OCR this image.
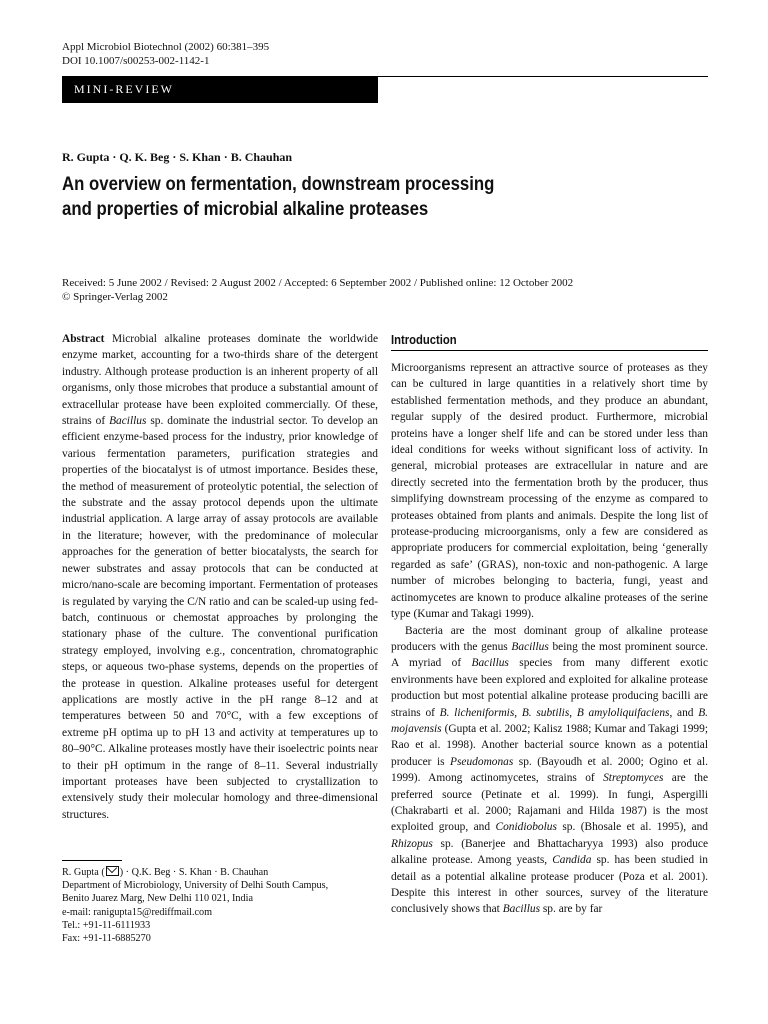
Appl Microbiol Biotechnol (2002) 60:381–395
DOI 10.1007/s00253-002-1142-1
MINI-REVIEW
R. Gupta · Q. K. Beg · S. Khan · B. Chauhan
An overview on fermentation, downstream processing
and properties of microbial alkaline proteases
Received: 5 June 2002 / Revised: 2 August 2002 / Accepted: 6 September 2002 / Published online: 12 October 2002
© Springer-Verlag 2002
Abstract Microbial alkaline proteases dominate the worldwide enzyme market, accounting for a two-thirds share of the detergent industry. Although protease production is an inherent property of all organisms, only those microbes that produce a substantial amount of extracellular protease have been exploited commercially. Of these, strains of Bacillus sp. dominate the industrial sector. To develop an efficient enzyme-based process for the industry, prior knowledge of various fermentation parameters, purification strategies and properties of the biocatalyst is of utmost importance. Besides these, the method of measurement of proteolytic potential, the selection of the substrate and the assay protocol depends upon the ultimate industrial application. A large array of assay protocols are available in the literature; however, with the predominance of molecular approaches for the generation of better biocatalysts, the search for newer substrates and assay protocols that can be conducted at micro/nano-scale are becoming important. Fermentation of proteases is regulated by varying the C/N ratio and can be scaled-up using fed-batch, continuous or chemostat approaches by prolonging the stationary phase of the culture. The conventional purification strategy employed, involving e.g., concentration, chromatographic steps, or aqueous two-phase systems, depends on the properties of the protease in question. Alkaline proteases useful for detergent applications are mostly active in the pH range 8–12 and at temperatures between 50 and 70°C, with a few exceptions of extreme pH optima up to pH 13 and activity at temperatures up to 80–90°C. Alkaline proteases mostly have their isoelectric points near to their pH optimum in the range of 8–11. Several industrially important proteases have been subjected to crystallization to extensively study their molecular homology and three-dimensional structures.
R. Gupta ( ) · Q.K. Beg · S. Khan · B. Chauhan
Department of Microbiology, University of Delhi South Campus,
Benito Juarez Marg, New Delhi 110 021, India
e-mail: ranigupta15@rediffmail.com
Tel.: +91-11-6111933
Fax: +91-11-6885270
Introduction

Microorganisms represent an attractive source of proteases as they can be cultured in large quantities in a relatively short time by established fermentation methods, and they produce an abundant, regular supply of the desired product. Furthermore, microbial proteins have a longer shelf life and can be stored under less than ideal conditions for weeks without significant loss of activity. In general, microbial proteases are extracellular in nature and are directly secreted into the fermentation broth by the producer, thus simplifying downstream processing of the enzyme as compared to proteases obtained from plants and animals. Despite the long list of protease-producing microorganisms, only a few are considered as appropriate producers for commercial exploitation, being ‘generally regarded as safe’ (GRAS), non-toxic and non-pathogenic. A large number of microbes belonging to bacteria, fungi, yeast and actinomycetes are known to produce alkaline proteases of the serine type (Kumar and Takagi 1999).

Bacteria are the most dominant group of alkaline protease producers with the genus Bacillus being the most prominent source. A myriad of Bacillus species from many different exotic environments have been explored and exploited for alkaline protease production but most potential alkaline protease producing bacilli are strains of B. licheniformis, B. subtilis, B amyloliquifaciens, and B. mojavensis (Gupta et al. 2002; Kalisz 1988; Kumar and Takagi 1999; Rao et al. 1998). Another bacterial source known as a potential producer is Pseudomonas sp. (Bayoudh et al. 2000; Ogino et al. 1999). Among actinomycetes, strains of Streptomyces are the preferred source (Petinate et al. 1999). In fungi, Aspergilli (Chakrabarti et al. 2000; Rajamani and Hilda 1987) is the most exploited group, and Conidiobolus sp. (Bhosale et al. 1995), and Rhizopus sp. (Banerjee and Bhattacharyya 1993) also produce alkaline protease. Among yeasts, Candida sp. has been studied in detail as a potential alkaline protease producer (Poza et al. 2001). Despite this interest in other sources, survey of the literature conclusively shows that Bacillus sp. are by far
